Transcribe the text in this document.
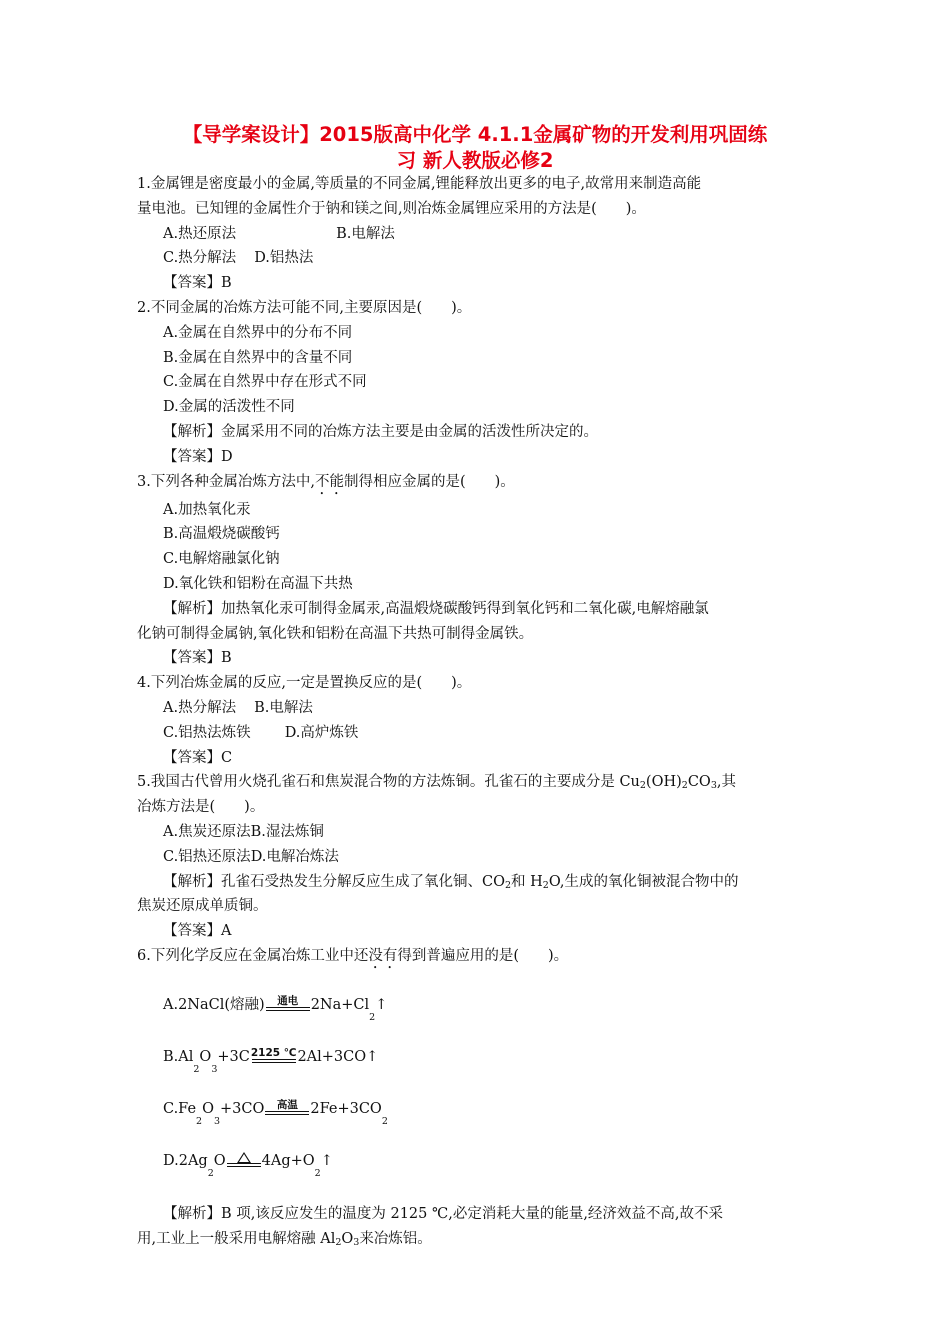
【导学案设计】2015版高中化学 4.1.1金属矿物的开发利用巩固练
习 新人教版必修2

1.金属锂是密度最小的金属,等质量的不同金属,锂能释放出更多的电子,故常用来制造高能

量电池。已知锂的金属性介于钠和镁之间,则冶炼金属锂应采用的方法是(　　)。

A.热还原法	B.电解法

C.热分解法 D.铝热法

【答案】B

2.不同金属的冶炼方法可能不同,主要原因是(　　)。

A.金属在自然界中的分布不同

B.金属在自然界中的含量不同

C.金属在自然界中存在形式不同

D.金属的活泼性不同

【解析】金属采用不同的冶炼方法主要是由金属的活泼性所决定的。

【答案】D

3.下列各种金属冶炼方法中,不能制得相应金属的是(　　)。

A.加热氧化汞

B.高温煅烧碳酸钙

C.电解熔融氯化钠

D.氧化铁和铝粉在高温下共热

【解析】加热氧化汞可制得金属汞,高温煅烧碳酸钙得到氧化钙和二氧化碳,电解熔融氯

化钠可制得金属钠,氧化铁和铝粉在高温下共热可制得金属铁。

【答案】B

4.下列冶炼金属的反应,一定是置换反应的是(　　)。

A.热分解法 B.电解法

C.铝热法炼铁 D.高炉炼铁

【答案】C

5.我国古代曾用火烧孔雀石和焦炭混合物的方法炼铜。孔雀石的主要成分是 $Cu_2(OH)_2CO_3$,其

冶炼方法是(　　)。

A.焦炭还原法B.湿法炼铜

C.铝热还原法D.电解冶炼法

【解析】孔雀石受热发生分解反应生成了氧化铜、$CO_2$和 $H_2O$,生成的氧化铜被混合物中的

焦炭还原成单质铜。

【答案】A

6.下列化学反应在金属冶炼工业中还没有得到普遍应用的是(　　)。

A.2NaCl(熔融) 通电 2Na+Cl
2
↑
B.Al
2
O
3
+3C 2125 ℃ 2Al+3CO ↑
C.Fe
2
O
3
+3CO 高温 2Fe+3CO
2
D.2Ag
2
O 4Ag+O
2
↑

【解析】B 项,该反应发生的温度为 2125 ℃,必定消耗大量的能量,经济效益不高,故不采

用,工业上一般采用电解熔融 $Al_2O_3$来冶炼铝。
